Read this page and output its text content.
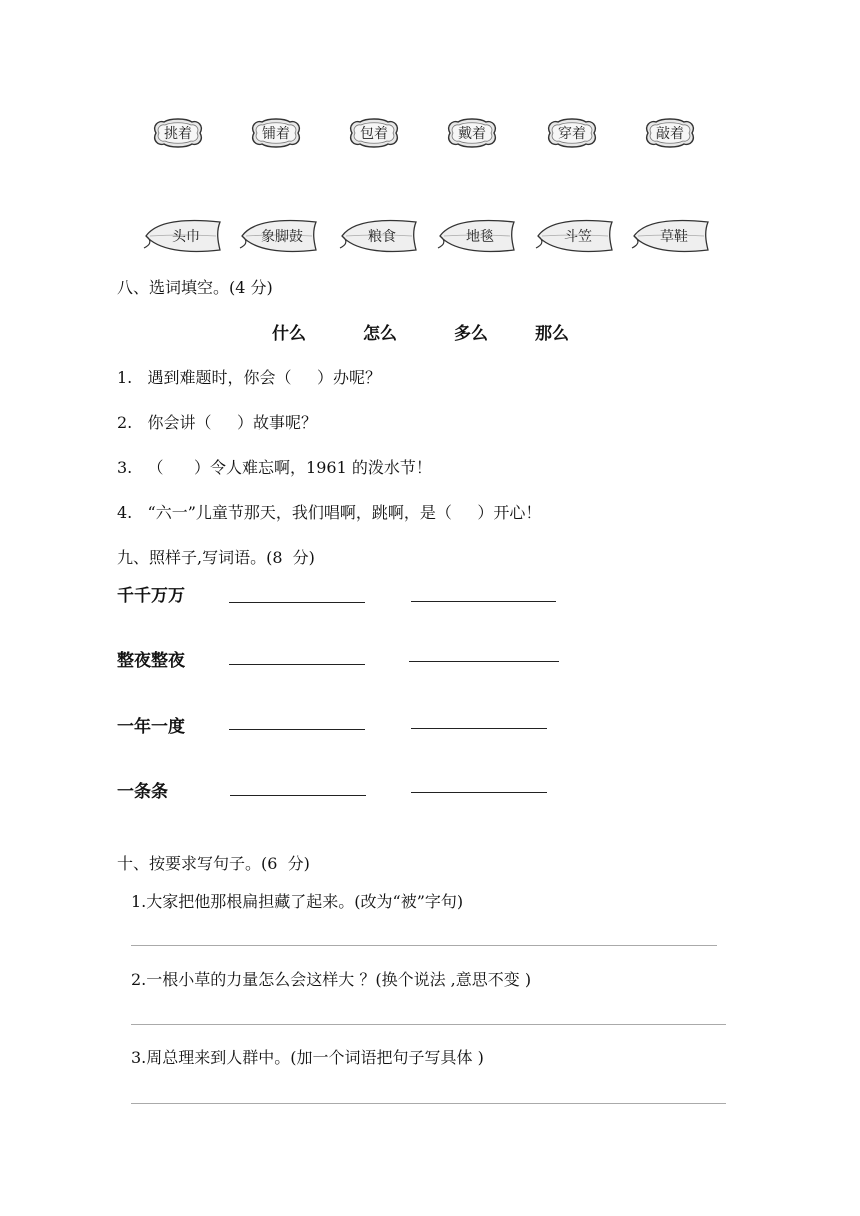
挑着	铺着	包着	戴着	穿着	敲着
头巾	象脚鼓	粮食	地毯	斗笠	草鞋
八、选词填空。(4 分)
什么	怎么	多么	那么
1.   遇到难题时，你会（     ）办呢？
2.   你会讲（     ）故事呢？
3.   （      ）令人难忘啊，1961 的泼水节！
4.   “六一”儿童节那天，我们唱啊，跳啊，是（     ）开心！
九、照样子,写词语。(8  分)
千千万万
整夜整夜
一年一度
一条条
十、按要求写句子。(6  分)
1.大家把他那根扁担藏了起来。(改为“被”字句)
2.一根小草的力量怎么会这样大 ？(换个说法 ,意思不变 )
3.周总理来到人群中。(加一个词语把句子写具体 )
